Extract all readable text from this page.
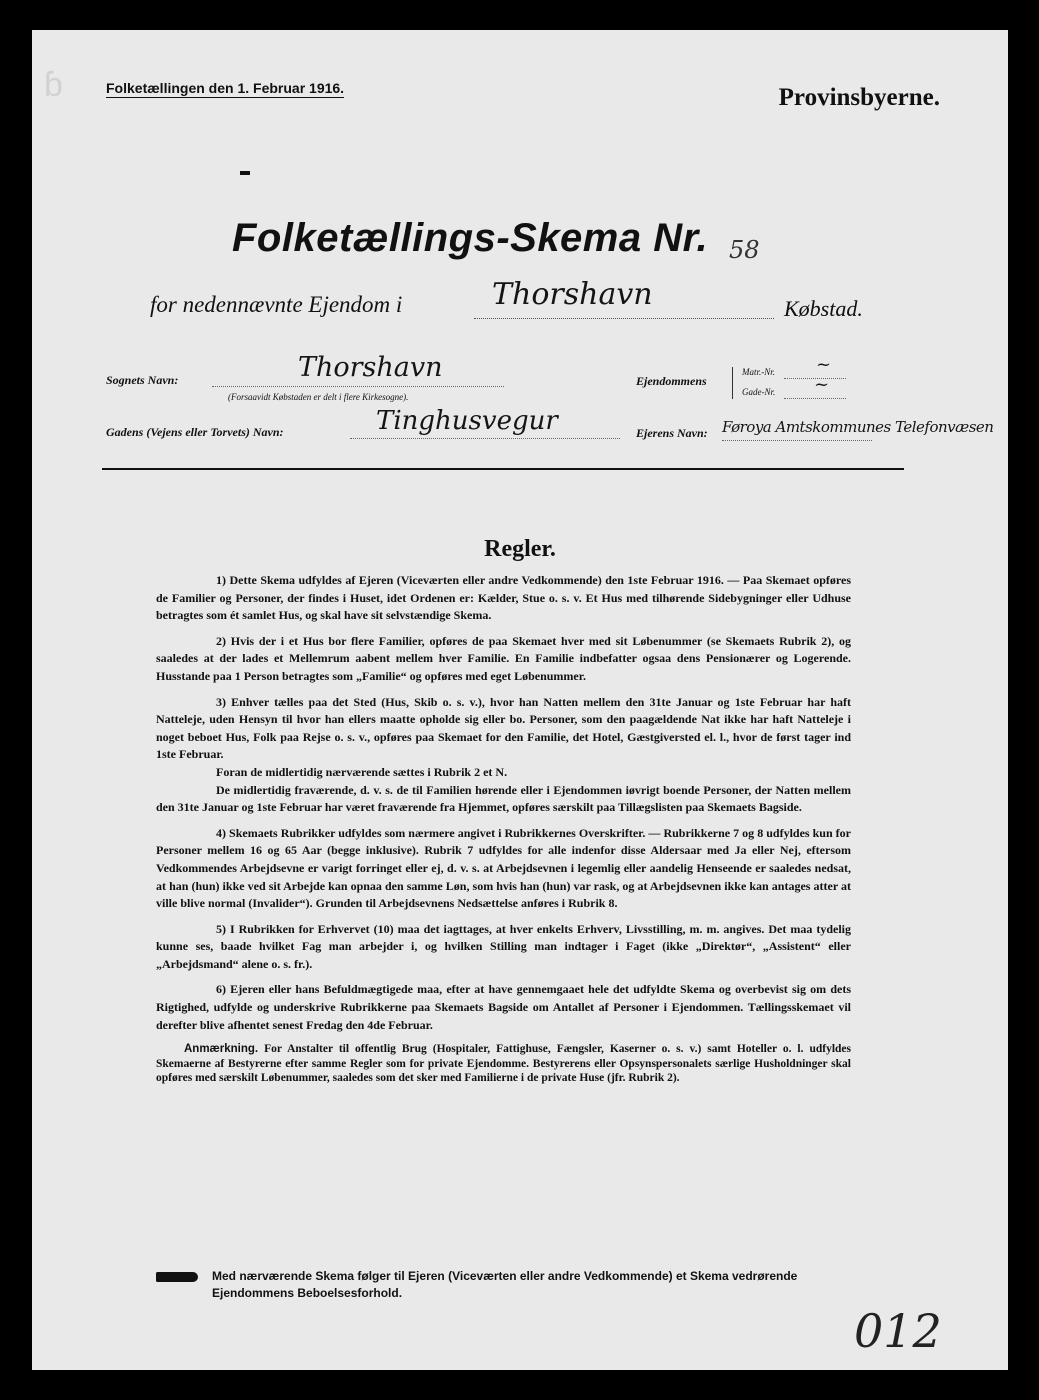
ɓ	Folketællingen den 1. Februar 1916.	Provinsbyerne.
Folketællings-Skema Nr. 58
for nedennævnte Ejendom i	Thorshavn	Købstad.
Sognets Navn:	Thorshavn
(Forsaavidt Købstaden er delt i flere Kirkesogne).
Ejendommens
Matr.-Nr. ~
Gade-Nr. ~
Gadens (Vejens eller Torvets) Navn:	Tinghusvegur	Ejerens Navn: Føroya Amtskommunes Telefonvæsen
Regler.

1) Dette Skema udfyldes af Ejeren (Viceværten eller andre Vedkommende) den 1ste Februar 1916. — Paa Skemaet opføres de Familier og Personer, der findes i Huset, idet Ordenen er: Kælder, Stue o. s. v. Et Hus med tilhørende Sidebygninger eller Udhuse betragtes som ét samlet Hus, og skal have sit selvstændige Skema.

2) Hvis der i et Hus bor flere Familier, opføres de paa Skemaet hver med sit Løbenummer (se Skemaets Rubrik 2), og saaledes at der lades et Mellemrum aabent mellem hver Familie. En Familie indbefatter ogsaa dens Pensionærer og Logerende. Husstande paa 1 Person betragtes som „Familie“ og opføres med eget Løbenummer.

3) Enhver tælles paa det Sted (Hus, Skib o. s. v.), hvor han Natten mellem den 31te Januar og 1ste Februar har haft Natteleje, uden Hensyn til hvor han ellers maatte opholde sig eller bo. Personer, som den paagældende Nat ikke har haft Natteleje i noget beboet Hus, Folk paa Rejse o. s. v., opføres paa Skemaet for den Familie, det Hotel, Gæstgiversted el. l., hvor de først tager ind 1ste Februar.

Foran de midlertidig nærværende sættes i Rubrik 2 et N.

De midlertidig fraværende, d. v. s. de til Familien hørende eller i Ejendommen iøvrigt boende Personer, der Natten mellem den 31te Januar og 1ste Februar har været fraværende fra Hjemmet, opføres særskilt paa Tillægslisten paa Skemaets Bagside.

4) Skemaets Rubrikker udfyldes som nærmere angivet i Rubrikkernes Overskrifter. — Rubrikkerne 7 og 8 udfyldes kun for Personer mellem 16 og 65 Aar (begge inklusive). Rubrik 7 udfyldes for alle indenfor disse Aldersaar med Ja eller Nej, eftersom Vedkommendes Arbejdsevne er varigt forringet eller ej, d. v. s. at Arbejdsevnen i legemlig eller aandelig Henseende er saaledes nedsat, at han (hun) ikke ved sit Arbejde kan opnaa den samme Løn, som hvis han (hun) var rask, og at Arbejdsevnen ikke kan antages atter at ville blive normal (Invalider“). Grunden til Arbejdsevnens Nedsættelse anføres i Rubrik 8.

5) I Rubrikken for Erhvervet (10) maa det iagttages, at hver enkelts Erhverv, Livsstilling, m. m. angives. Det maa tydelig kunne ses, baade hvilket Fag man arbejder i, og hvilken Stilling man indtager i Faget (ikke „Direktør“, „Assistent“ eller „Arbejdsmand“ alene o. s. fr.).

6) Ejeren eller hans Befuldmægtigede maa, efter at have gennemgaaet hele det udfyldte Skema og overbevist sig om dets Rigtighed, udfylde og underskrive Rubrikkerne paa Skemaets Bagside om Antallet af Personer i Ejendommen. Tællingsskemaet vil derefter blive afhentet senest Fredag den 4de Februar.

Anmærkning. For Anstalter til offentlig Brug (Hospitaler, Fattighuse, Fængsler, Kaserner o. s. v.) samt Hoteller o. l. udfyldes Skemaerne af Bestyrerne efter samme Regler som for private Ejendomme. Bestyrerens eller Opsynspersonalets særlige Husholdninger skal opføres med særskilt Løbenummer, saaledes som det sker med Familierne i de private Huse (jfr. Rubrik 2).

Med nærværende Skema følger til Ejeren (Viceværten eller andre Vedkommende) et Skema vedrørende
Ejendommens Beboelsesforhold.
012
